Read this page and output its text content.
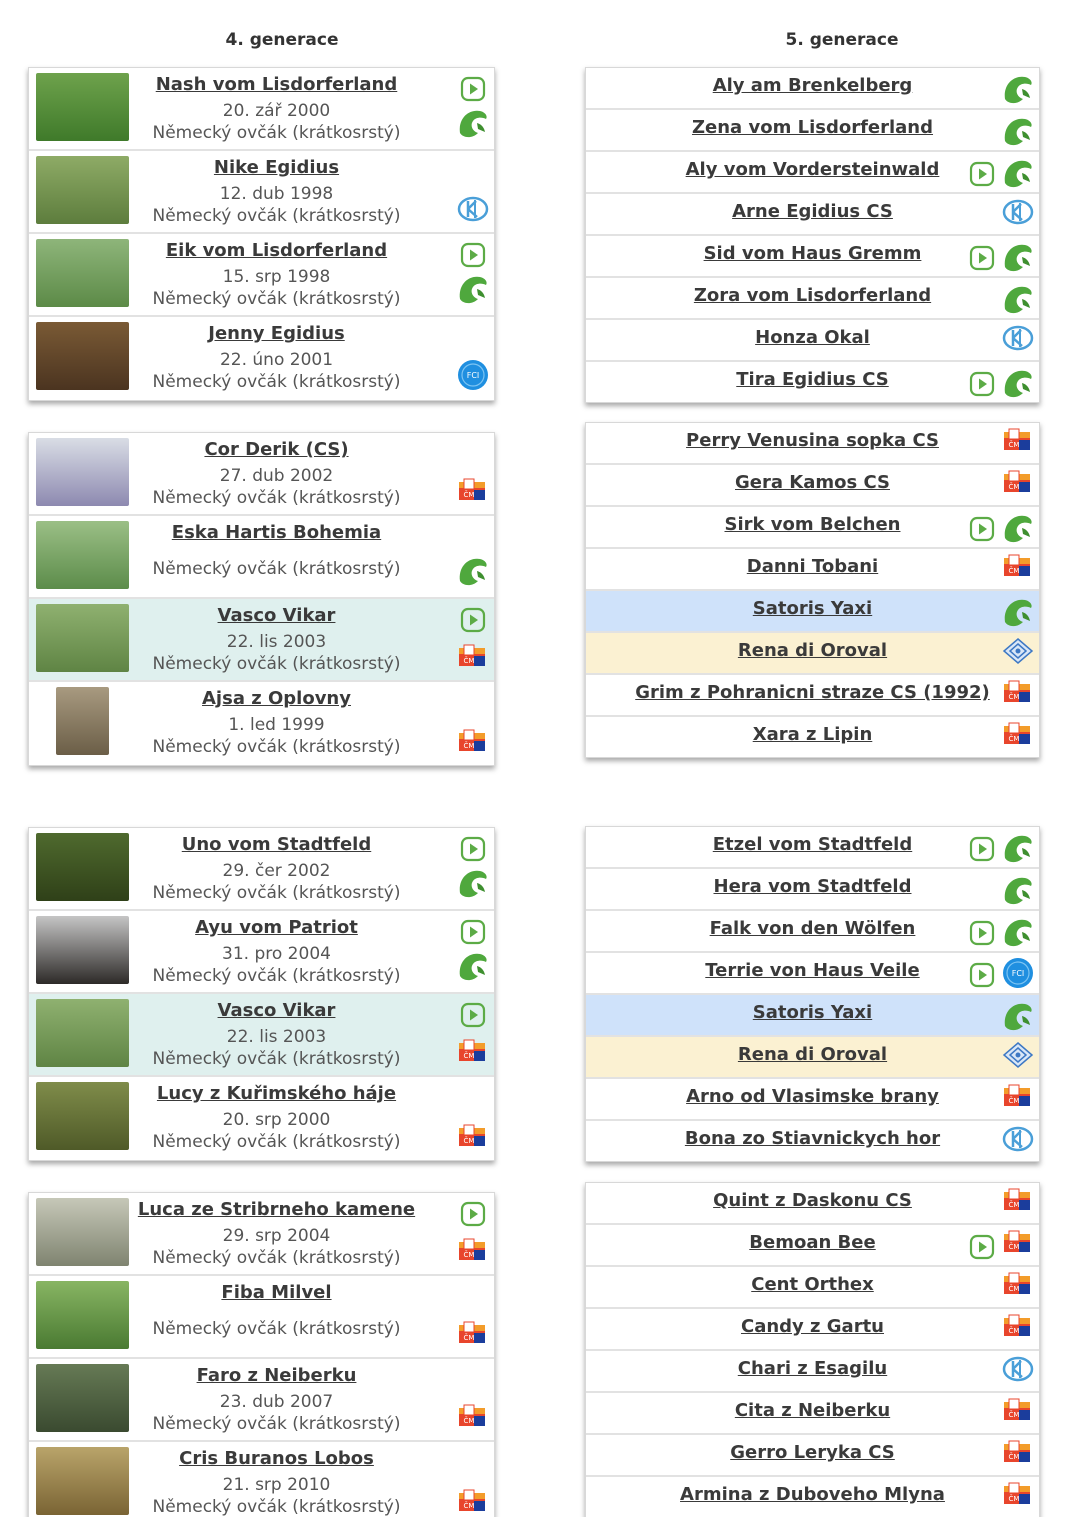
4. generace	5. generace
Nash vom Lisdorferland
20. zář 2000
Německý ovčák (krátkosrstý)
Nike Egidius
12. dub 1998
Německý ovčák (krátkosrstý)
Eik vom Lisdorferland
15. srp 1998
Německý ovčák (krátkosrstý)
Jenny Egidius
22. úno 2001
Německý ovčák (krátkosrstý)	FCI
Cor Derik (CS)
27. dub 2002
Německý ovčák (krátkosrstý)	ČM
Eska Hartis Bohemia
Německý ovčák (krátkosrstý)
Vasco Vikar
22. lis 2003
Německý ovčák (krátkosrstý)	ČM
Ajsa z Oplovny
1. led 1999
Německý ovčák (krátkosrstý)	ČM
Uno vom Stadtfeld
29. čer 2002
Německý ovčák (krátkosrstý)
Ayu vom Patriot
31. pro 2004
Německý ovčák (krátkosrstý)
Vasco Vikar
22. lis 2003
Německý ovčák (krátkosrstý)	ČM
Lucy z Kuřimského háje
20. srp 2000
Německý ovčák (krátkosrstý)	ČM
Luca ze Stribrneho kamene
29. srp 2004
Německý ovčák (krátkosrstý)	ČM
Fiba Milvel
Německý ovčák (krátkosrstý)	ČM
Faro z Neiberku
23. dub 2007
Německý ovčák (krátkosrstý)	ČM
Cris Buranos Lobos
21. srp 2010
Německý ovčák (krátkosrstý)	ČM
Aly am Brenkelberg
Zena vom Lisdorferland
Aly vom Vordersteinwald
Arne Egidius CS
Sid vom Haus Gremm
Zora vom Lisdorferland
Honza Okal
Tira Egidius CS
Perry Venusina sopka CS	ČM
Gera Kamos CS	ČM
Sirk vom Belchen
Danni Tobani	ČM
Satoris Yaxi
Rena di Oroval
Grim z Pohranicni straze CS (1992)	ČM
Xara z Lipin	ČM
Etzel vom Stadtfeld
Hera vom Stadtfeld
Falk von den Wölfen
Terrie von Haus Veile	FCI
Satoris Yaxi
Rena di Oroval
Arno od Vlasimske brany	ČM
Bona zo Stiavnickych hor
Quint z Daskonu CS	ČM
Bemoan Bee	ČM
Cent Orthex	ČM
Candy z Gartu	ČM
Chari z Esagilu
Cita z Neiberku	ČM
Gerro Leryka CS	ČM
Armina z Duboveho Mlyna	ČM
